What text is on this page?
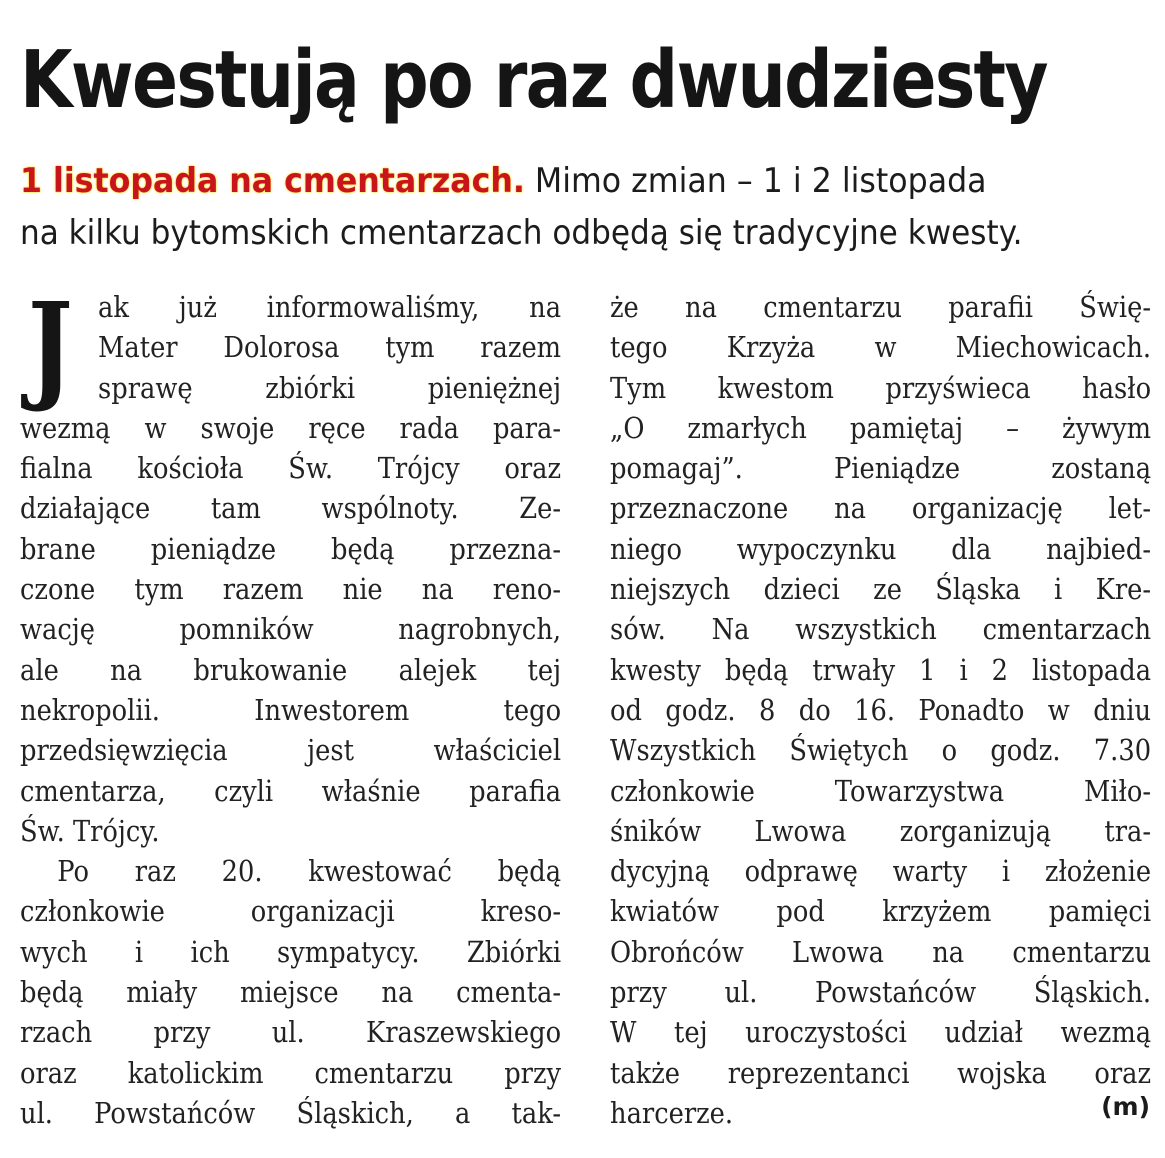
Kwestują po raz dwudziesty

1 listopada na cmentarzach. Mimo zmian – 1 i 2 listopada
na kilku bytomskich cmentarzach odbędą się tradycyjne kwesty.

J ak już informowaliśmy, na
Mater Dolorosa tym razem
sprawę zbiórki pieniężnej
wezmą w swoje ręce rada para-
fialna kościoła Św. Trójcy oraz
działające tam wspólnoty. Ze-
brane pieniądze będą przezna-
czone tym razem nie na reno-
wację pomników nagrobnych,
ale na brukowanie alejek tej
nekropolii. Inwestorem tego
przedsięwzięcia jest właściciel
cmentarza, czyli właśnie parafia
Św. Trójcy.
Po raz 20. kwestować będą
członkowie organizacji kreso-
wych i ich sympatycy. Zbiórki
będą miały miejsce na cmenta-
rzach przy ul. Kraszewskiego
oraz katolickim cmentarzu przy
ul. Powstańców Śląskich, a tak-
że na cmentarzu parafii Świę-
tego Krzyża w Miechowicach.
Tym kwestom przyświeca hasło
„O zmarłych pamiętaj – żywym
pomagaj”. Pieniądze zostaną
przeznaczone na organizację let-
niego wypoczynku dla najbied-
niejszych dzieci ze Śląska i Kre-
sów. Na wszystkich cmentarzach
kwesty będą trwały 1 i 2 listopada
od godz. 8 do 16. Ponadto w dniu
Wszystkich Świętych o godz. 7.30
członkowie Towarzystwa Miło-
śników Lwowa zorganizują tra-
dycyjną odprawę warty i złożenie
kwiatów pod krzyżem pamięci
Obrońców Lwowa na cmentarzu
przy ul. Powstańców Śląskich.
W tej uroczystości udział wezmą
także reprezentanci wojska oraz
harcerze.	(m)
